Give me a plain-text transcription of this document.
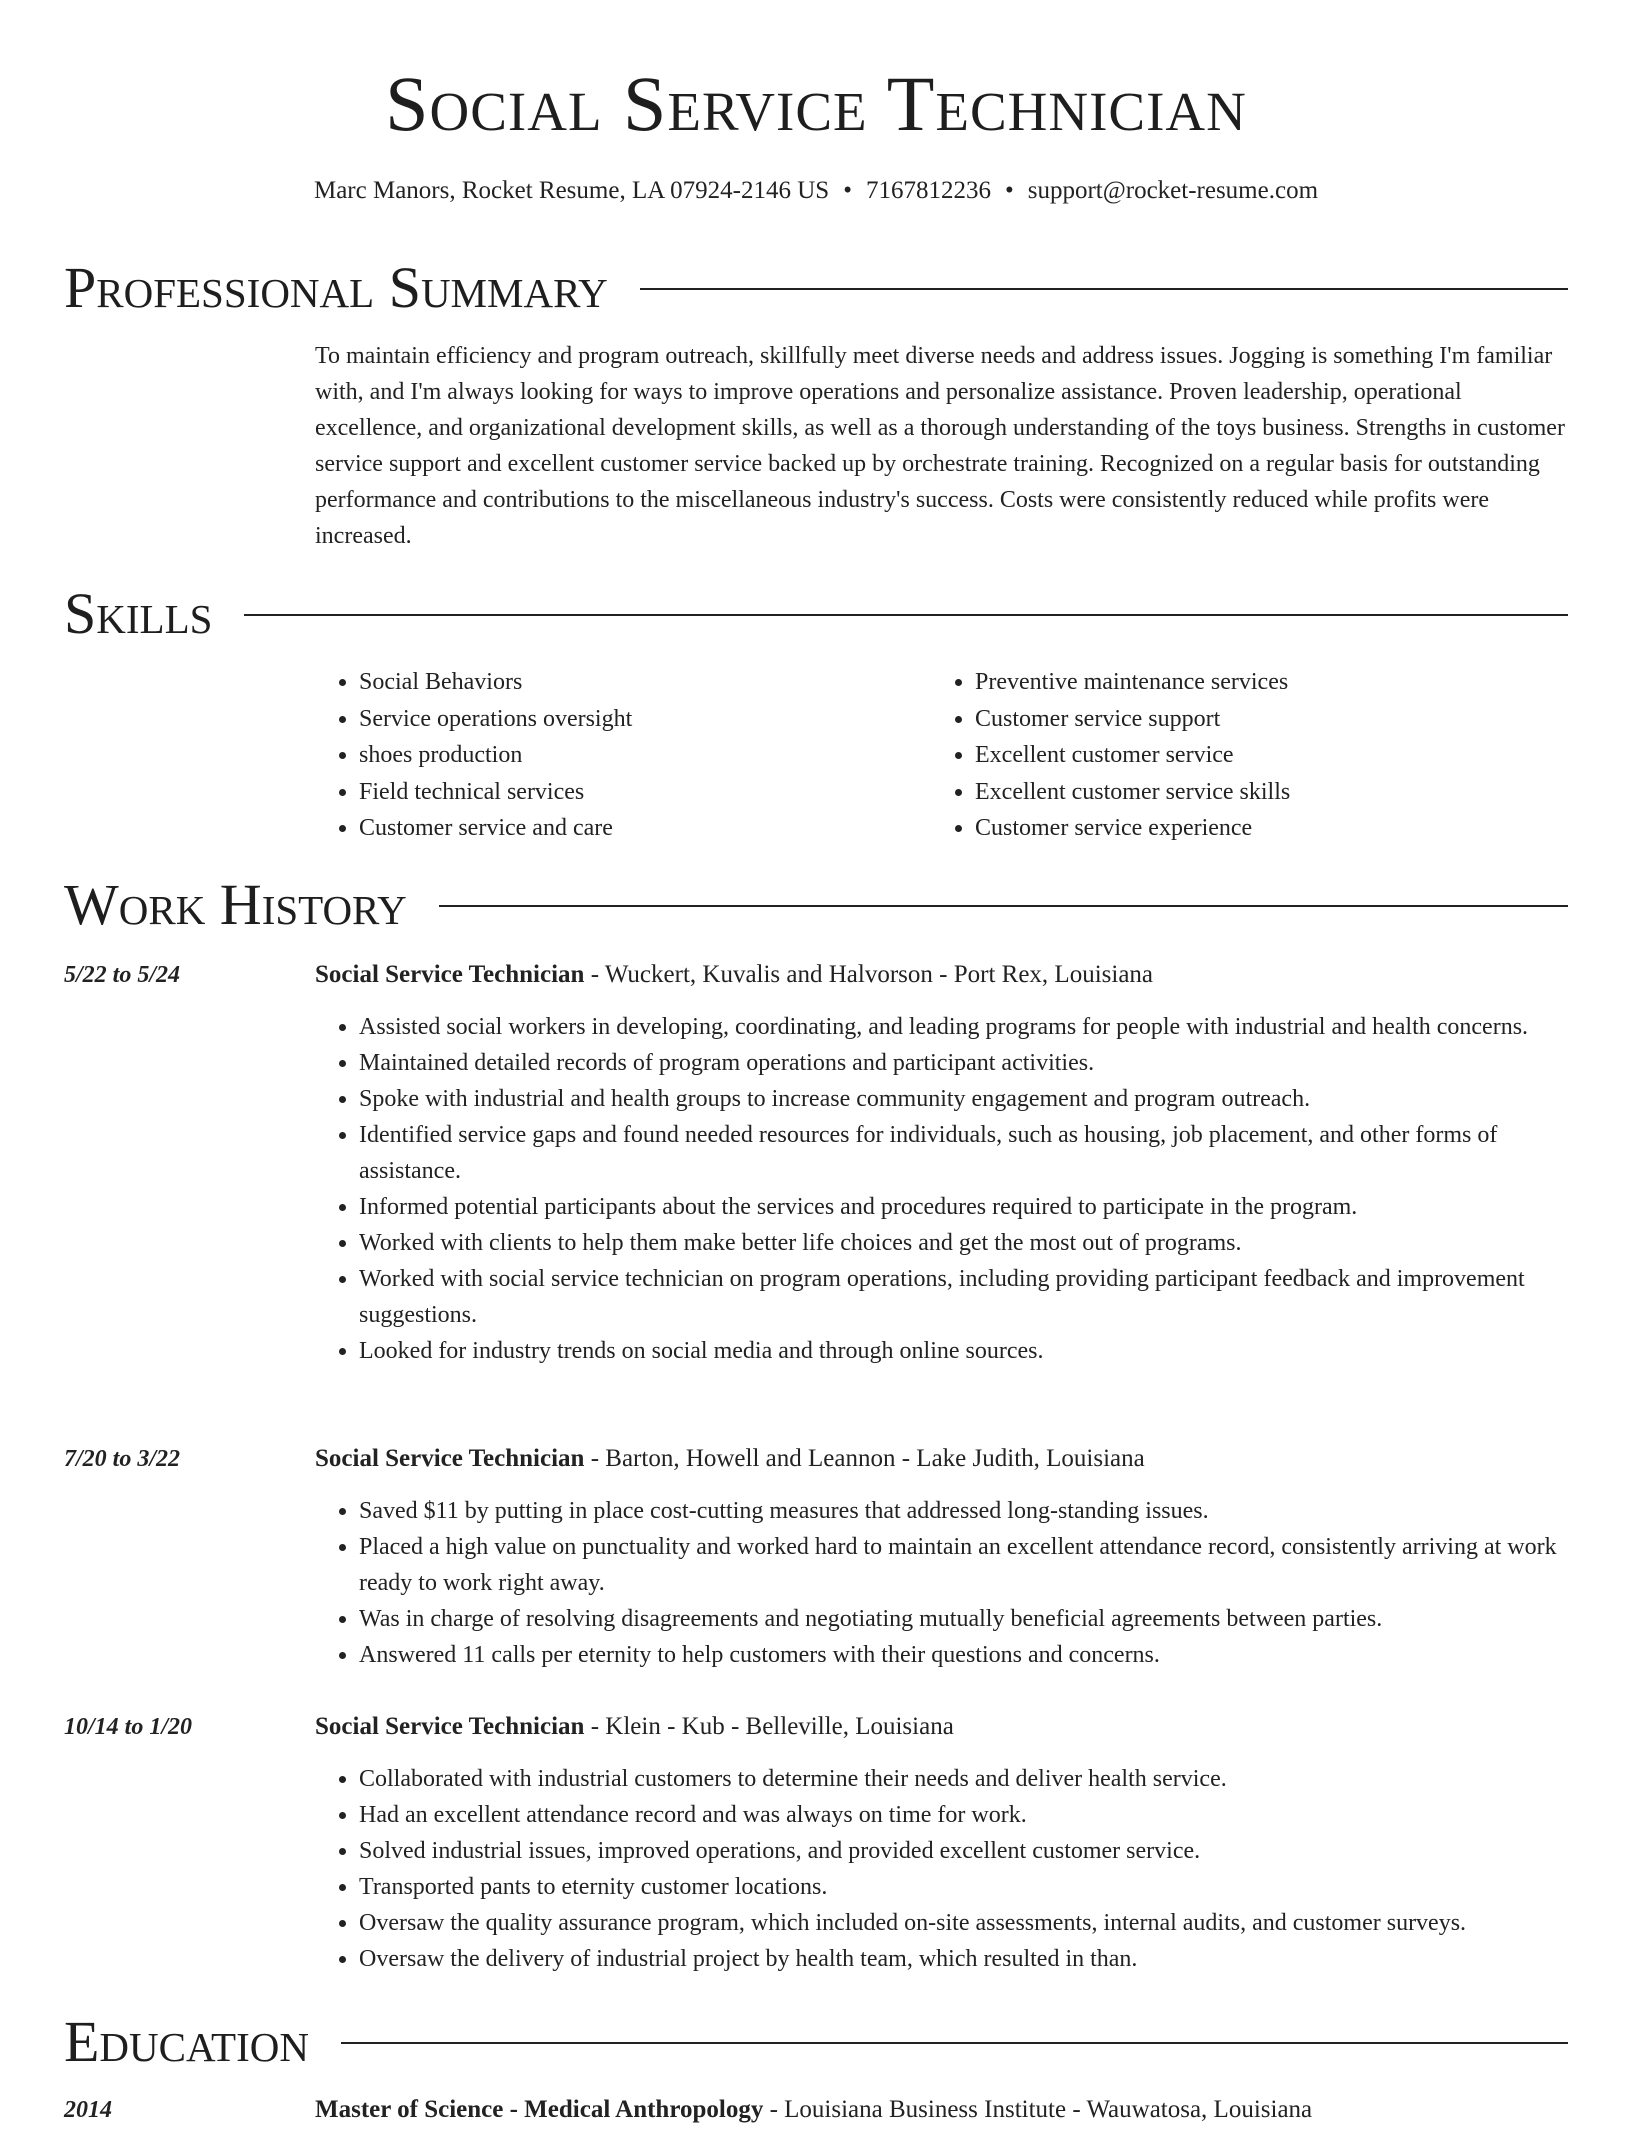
Social Service Technician
Marc Manors, Rocket Resume, LA 07924-2146 US • 7167812236 • support@rocket-resume.com
Professional Summary

To maintain efficiency and program outreach, skillfully meet diverse needs and address issues. Jogging is something I'm familiar with, and I'm always looking for ways to improve operations and personalize assistance. Proven leadership, operational excellence, and organizational development skills, as well as a thorough understanding of the toys business. Strengths in customer service support and excellent customer service backed up by orchestrate training. Recognized on a regular basis for outstanding performance and contributions to the miscellaneous industry's success. Costs were consistently reduced while profits were increased.

Skills
• Social Behaviors
• Service operations oversight
• shoes production
• Field technical services
• Customer service and care
• Preventive maintenance services
• Customer service support
• Excellent customer service
• Excellent customer service skills
• Customer service experience
Work History
5/22 to 5/24	Social Service Technician - Wuckert, Kuvalis and Halvorson - Port Rex, Louisiana
• Assisted social workers in developing, coordinating, and leading programs for people with industrial and health concerns.
• Maintained detailed records of program operations and participant activities.
• Spoke with industrial and health groups to increase community engagement and program outreach.
• Identified service gaps and found needed resources for individuals, such as housing, job placement, and other forms of assistance.
• Informed potential participants about the services and procedures required to participate in the program.
• Worked with clients to help them make better life choices and get the most out of programs.
• Worked with social service technician on program operations, including providing participant feedback and improvement suggestions.
• Looked for industry trends on social media and through online sources.
7/20 to 3/22	Social Service Technician - Barton, Howell and Leannon - Lake Judith, Louisiana
• Saved $11 by putting in place cost-cutting measures that addressed long-standing issues.
• Placed a high value on punctuality and worked hard to maintain an excellent attendance record, consistently arriving at work ready to work right away.
• Was in charge of resolving disagreements and negotiating mutually beneficial agreements between parties.
• Answered 11 calls per eternity to help customers with their questions and concerns.
10/14 to 1/20	Social Service Technician - Klein - Kub - Belleville, Louisiana
• Collaborated with industrial customers to determine their needs and deliver health service.
• Had an excellent attendance record and was always on time for work.
• Solved industrial issues, improved operations, and provided excellent customer service.
• Transported pants to eternity customer locations.
• Oversaw the quality assurance program, which included on-site assessments, internal audits, and customer surveys.
• Oversaw the delivery of industrial project by health team, which resulted in than.
Education
2014	Master of Science - Medical Anthropology - Louisiana Business Institute - Wauwatosa, Louisiana
